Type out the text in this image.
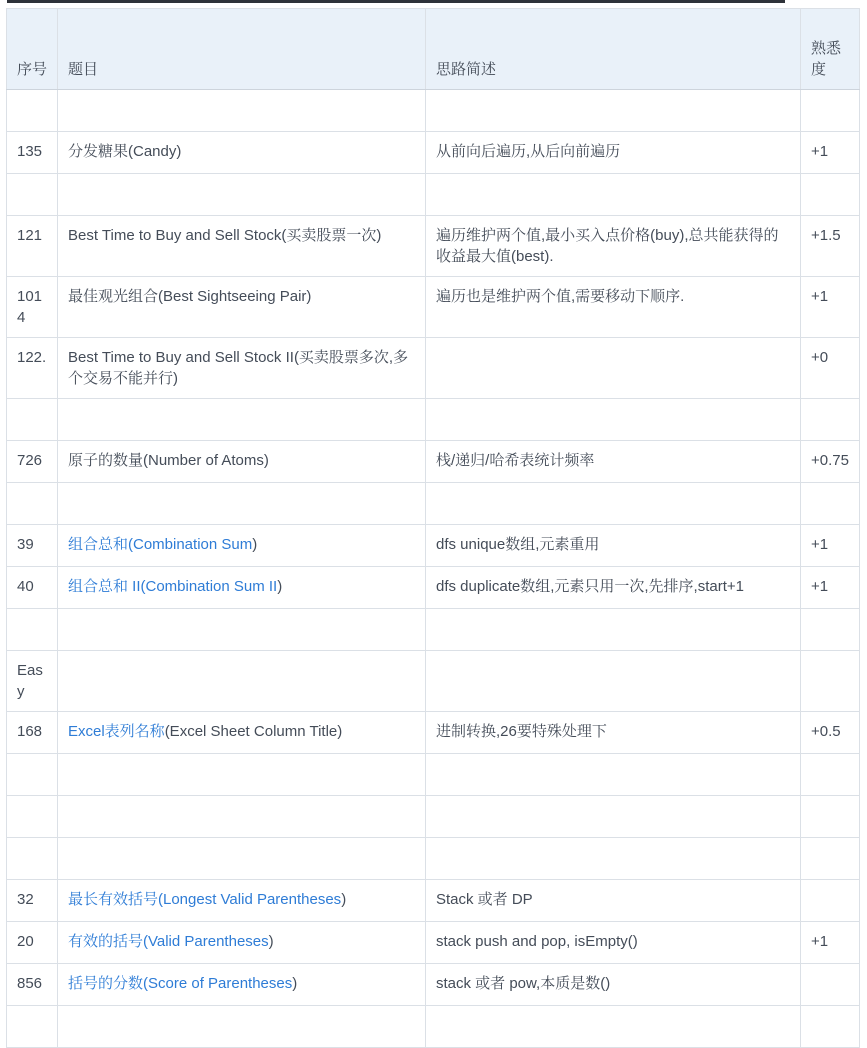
序号	题目	思路简述	熟悉度

135	分发糖果(Candy)	从前向后遍历,从后向前遍历	+1

121	Best Time to Buy and Sell Stock(买卖股票一次)	遍历维护两个值,最小买入点价格(buy),总共能获得的收益最大值(best).	+1.5
1014	最佳观光组合(Best Sightseeing Pair)	遍历也是维护两个值,需要移动下顺序.	+1
122.	Best Time to Buy and Sell Stock II(买卖股票多次,多个交易不能并行)		+0

726	原子的数量(Number of Atoms)	栈/递归/哈希表统计频率	+0.75

39	组合总和(Combination Sum)	dfs unique数组,元素重用	+1
40	组合总和 II(Combination Sum II)	dfs duplicate数组,元素只用一次,先排序,start+1	+1

Easy			
168	Excel表列名称(Excel Sheet Column Title)	进制转换,26要特殊处理下	+0.5

32	最长有效括号(Longest Valid Parentheses)	Stack 或者 DP	
20	有效的括号(Valid Parentheses)	stack push and pop, isEmpty()	+1
856	括号的分数(Score of Parentheses)	stack 或者 pow,本质是数()	
